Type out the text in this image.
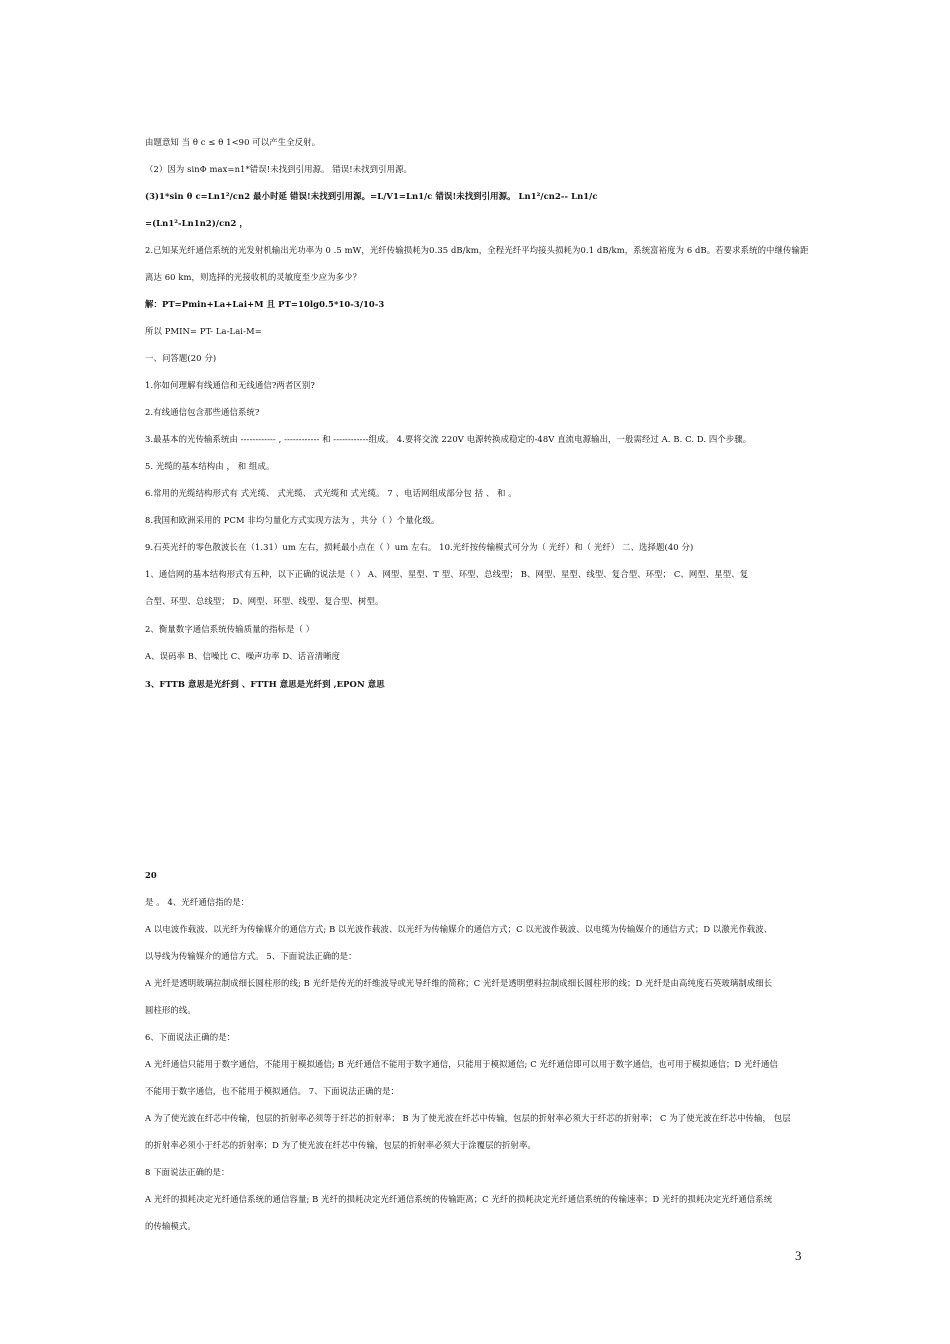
由题意知 当 θ c ≤ θ 1<90 可以产生全反射。
（2）因为 sinΦ max=n1*错误!未找到引用源。 错误!未找到引用源。
(3)1*sin θ c=Ln1²/cn2 最小时延 错误!未找到引用源。=L/V1=Ln1/c 错误!未找到引用源。 Ln1²/cn2-- Ln1/c
=(Ln1²-Ln1n2)/cn2 ，
2.已知某光纤通信系统的光发射机输出光功率为 0 .5 mW，光纤传输损耗为0.35 dB/km，全程光纤平均接头损耗为0.1 dB/km，系统富裕度为 6 dB。若要求系统的中继传输距
离达 60 km，则选择的光接收机的灵敏度至少应为多少？
解：PT=Pmin+La+Lai+M 且 PT=10lg0.5*10-3/10-3
所以 PMIN= PT- La-Lai-M=
一、问答题(20 分)
1.你如何理解有线通信和无线通信?两者区别?
2.有线通信包含那些通信系统?
3.最基本的光传输系统由 ------------ , ------------ 和 ------------组成。 4.要将交流 220V 电源转换成稳定的-48V 直流电源输出，一般需经过 A. B. C. D. 四个步骤。
5. 光缆的基本结构由 ， 和 组成。
6.常用的光缆结构形式有 式光缆、 式光缆、 式光缆和 式光缆。 7 、电话网组成部分包 括 、 和 。
8.我国和欧洲采用的 PCM 非均匀量化方式实现方法为 ，共分（ ）个量化级。
9.石英光纤的零色散波长在（1.31）um 左右，损耗最小点在（ ）um 左右。 10.光纤按传输模式可分为（ 光纤）和（ 光纤） 二、选择题(40 分)
1、通信网的基本结构形式有五种，以下正确的说法是（ ） A、网型、星型、T 型、环型、总线型； B、网型、星型、线型、复合型、环型； C、网型、星型、复
合型、环型、总线型； D、网型、环型、线型、复合型、树型。
2、衡量数字通信系统传输质量的指标是（ ）
A、误码率 B、信噪比 C、噪声功率 D、话音清晰度
3、FTTB 意思是光纤到 、FTTH 意思是光纤到 ,EPON 意思
20
是 。 4、光纤通信指的是：
A 以电波作载波、以光纤为传输媒介的通信方式; B 以光波作载波、以光纤为传输媒介的通信方式；C 以光波作载波、以电缆为传输媒介的通信方式；D 以激光作载波、
以导线为传输媒介的通信方式。 5、下面说法正确的是：
A 光纤是透明玻璃拉制成细长圆柱形的线; B 光纤是传光的纤维波导或光导纤维的简称；C 光纤是透明塑料拉制成细长圆柱形的线；D 光纤是由高纯度石英玻璃制成细长
圆柱形的线。
6、下面说法正确的是：
A 光纤通信只能用于数字通信，不能用于模拟通信; B 光纤通信不能用于数字通信，只能用于模拟通信; C 光纤通信即可以用于数字通信，也可用于模拟通信；D 光纤通信
不能用于数字通信，也不能用于模拟通信。 7、下面说法正确的是：
A 为了使光波在纤芯中传输，包层的折射率必须等于纤芯的折射率； B 为了使光波在纤芯中传输，包层的折射率必须大于纤芯的折射率； C 为了使光波在纤芯中传输， 包层
的折射率必须小于纤芯的折射率；D 为了使光波在纤芯中传输，包层的折射率必须大于涂覆层的折射率。
8 下面说法正确的是：
A 光纤的损耗决定光纤通信系统的通信容量; B 光纤的损耗决定光纤通信系统的传输距离；C 光纤的损耗决定光纤通信系统的传输速率；D 光纤的损耗决定光纤通信系统
的传输模式。
3
